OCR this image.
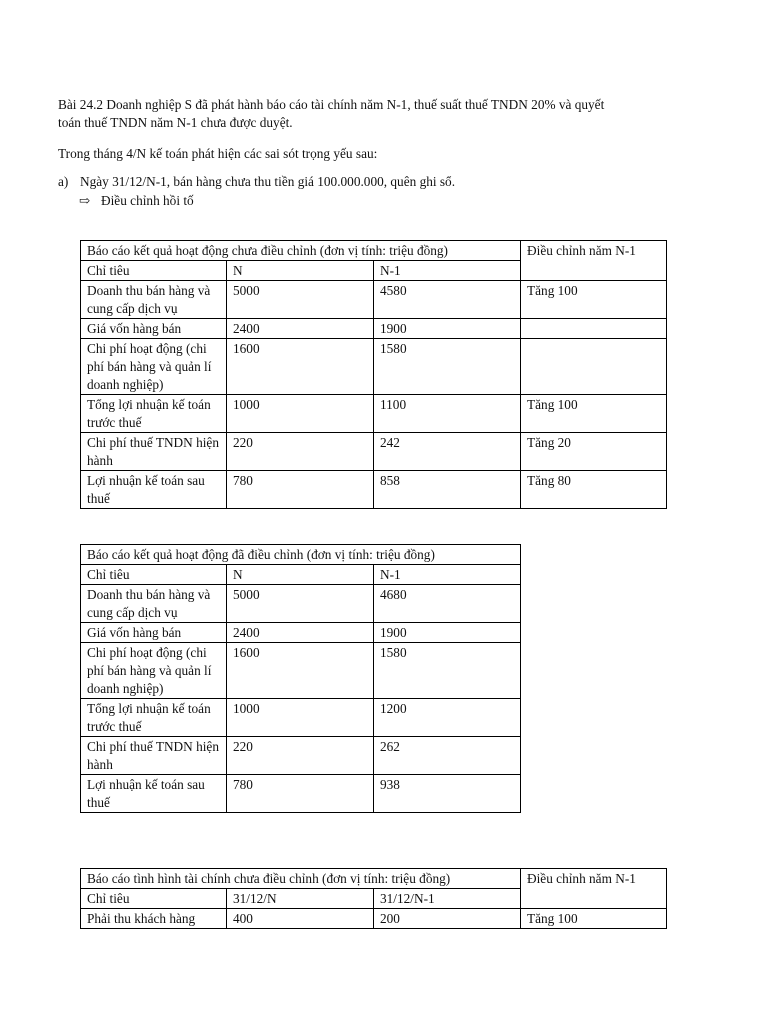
Bài 24.2 Doanh nghiệp S đã phát hành báo cáo tài chính năm N-1, thuế suất thuế TNDN 20% và quyết

toán thuế TNDN năm N-1 chưa được duyệt.

Trong tháng 4/N kế toán phát hiện các sai sót trọng yếu sau:

a) Ngày 31/12/N-1, bán hàng chưa thu tiền giá 100.000.000, quên ghi sổ.
⇨ Điều chỉnh hồi tố
Báo cáo kết quả hoạt động chưa điều chỉnh (đơn vị tính: triệu đồng)			Điều chỉnh năm N-1
Chỉ tiêu	N	N-1	
Doanh thu bán hàng và cung cấp dịch vụ	5000	4580	Tăng 100
Giá vốn hàng bán	2400	1900	
Chi phí hoạt động (chi phí bán hàng và quản lí doanh nghiệp)	1600	1580	
Tổng lợi nhuận kế toán trước thuế	1000	1100	Tăng 100
Chi phí thuế TNDN hiện hành	220	242	Tăng 20
Lợi nhuận kế toán sau thuế	780	858	Tăng 80
Báo cáo kết quả hoạt động đã điều chỉnh (đơn vị tính: triệu đồng)		
Chỉ tiêu	N	N-1
Doanh thu bán hàng và cung cấp dịch vụ	5000	4680
Giá vốn hàng bán	2400	1900
Chi phí hoạt động (chi phí bán hàng và quản lí doanh nghiệp)	1600	1580
Tổng lợi nhuận kế toán trước thuế	1000	1200
Chi phí thuế TNDN hiện hành	220	262
Lợi nhuận kế toán sau thuế	780	938
Báo cáo tình hình tài chính chưa điều chỉnh (đơn vị tính: triệu đồng)			Điều chỉnh năm N-1
Chỉ tiêu	31/12/N	31/12/N-1	
Phải thu khách hàng	400	200	Tăng 100
